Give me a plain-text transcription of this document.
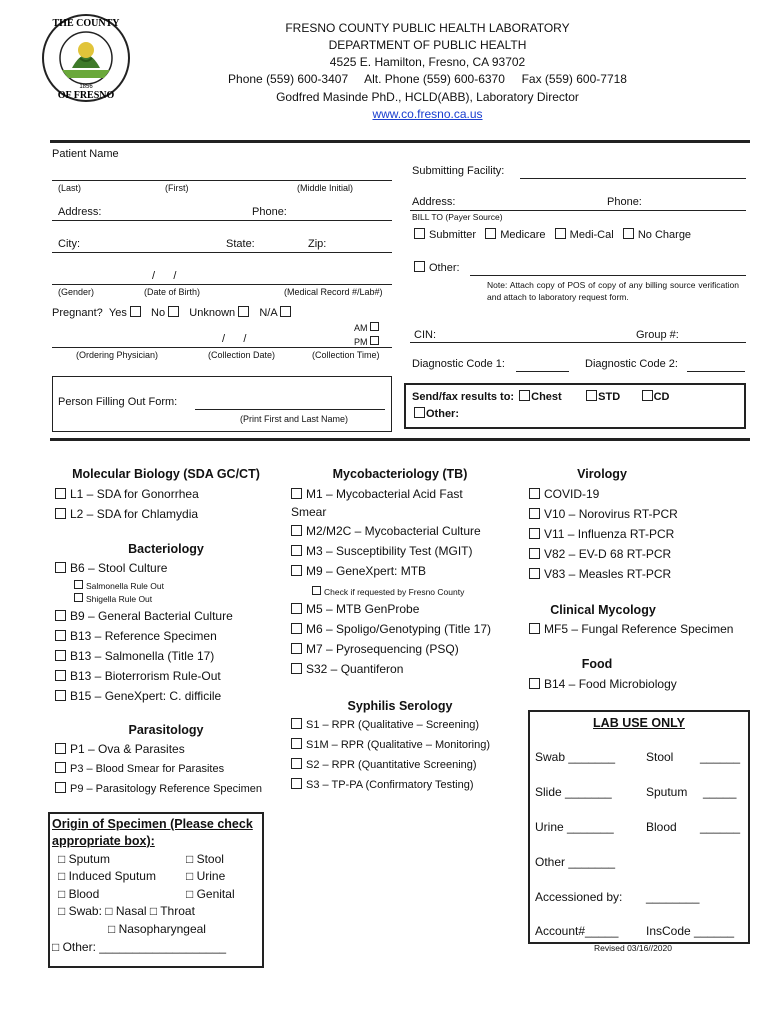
THE COUNTY
OF FRESNO
1856
FRESNO COUNTY PUBLIC HEALTH LABORATORY
DEPARTMENT OF PUBLIC HEALTH
4525 E. Hamilton, Fresno, CA 93702
Phone (559) 600-3407     Alt. Phone (559) 600-6370     Fax (559) 600-7718
Godfred Masinde PhD., HCLD(ABB), Laboratory Director
www.co.fresno.ca.us
Patient Name
(Last)	(First)	(Middle Initial)
Address:	Phone:
City:	State:	Zip:
/      /
(Gender)	(Date of Birth)	(Medical Record #/Lab#)
Pregnant? Yes No Unknown N/A
AM
PM
/      /
(Ordering Physician)	(Collection Date)	(Collection Time)
Person Filling Out Form:
(Print First and Last Name)
Submitting Facility:
Address:	Phone:
BILL TO (Payer Source)
Submitter Medicare Medi-Cal No Charge
Other:
Note: Attach copy of POS of copy of any billing source verification and attach to laboratory request form.
CIN:	Group #:
Diagnostic Code 1:	Diagnostic Code 2:
Send/fax results to: Chest	STD	CD
Other:
Molecular Biology (SDA GC/CT)
L1 – SDA for Gonorrhea
L2 – SDA for Chlamydia
Bacteriology
B6 – Stool Culture
Salmonella Rule Out
Shigella Rule Out
B9 – General Bacterial Culture
B13 – Reference Specimen
B13 – Salmonella (Title 17)
B13 – Bioterrorism Rule-Out
B15 – GeneXpert: C. difficile
Parasitology
P1 – Ova & Parasites
P3 – Blood Smear for Parasites
P9 – Parasitology Reference Specimen
Origin of Specimen (Please check
appropriate box):
□ Sputum	□ Stool
□ Induced Sputum	□ Urine
□ Blood	□ Genital
□ Swab: □ Nasal □ Throat
□ Nasopharyngeal
□ Other: ___________________
Mycobacteriology (TB)
M1 – Mycobacterial Acid Fast
Smear
M2/M2C – Mycobacterial Culture
M3 – Susceptibility Test (MGIT)
M9 – GeneXpert: MTB
Check if requested by Fresno County
M5 – MTB GenProbe
M6 – Spoligo/Genotyping (Title 17)
M7 – Pyrosequencing (PSQ)
S32 – Quantiferon
Syphilis Serology
S1 – RPR (Qualitative – Screening)
S1M – RPR (Qualitative – Monitoring)
S2 – RPR (Quantitative Screening)
S3 – TP-PA (Confirmatory Testing)
Virology
COVID-19
V10 – Norovirus RT-PCR
V11 – Influenza RT-PCR
V82 – EV-D 68 RT-PCR
V83 – Measles RT-PCR
Clinical Mycology
MF5 – Fungal Reference Specimen
Food
B14 – Food Microbiology
LAB USE ONLY
Swab _______	Stool ______
Slide _______	Sputum _____
Urine _______	Blood ______
Other _______
Accessioned by: ________
Account#_____ InsCode ______
Revised 03/16//2020
